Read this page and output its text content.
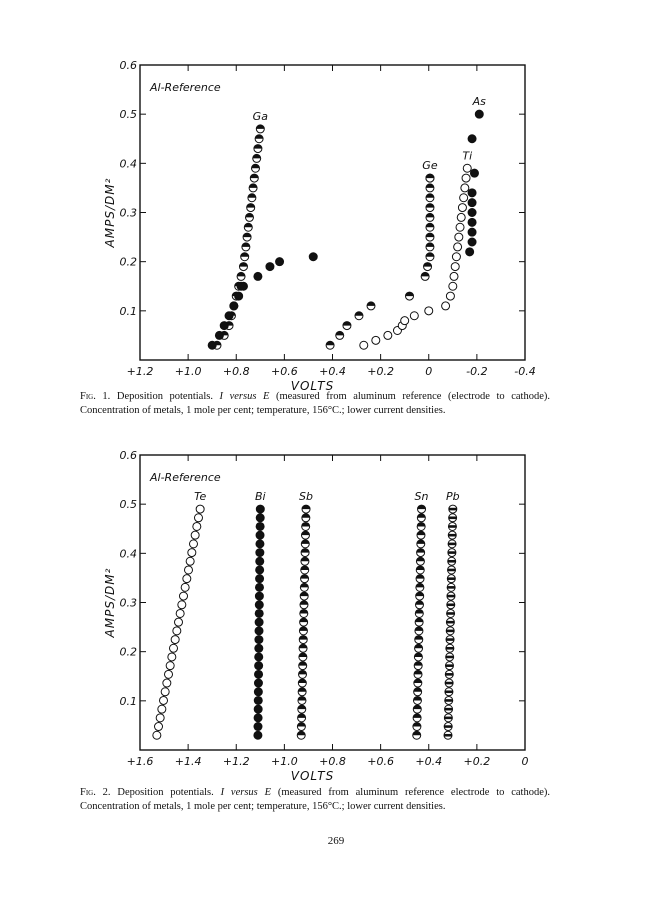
+1.2 +1.0 +0.8 +0.6 +0.4 +0.2	0	-0.2 -0.4
0.1
0.2
0.3
0.4
0.5
0.6
VOLTS
AMPS/DM²
Al-Reference
Ga
Ge
Ti
As
Fig. 1. Deposition potentials. I versus E (measured from aluminum reference (electrode to cathode). Concentration of metals, 1 mole per cent; temperature, 156°C.; lower current densities.
+1.6 +1.4 +1.2 +1.0 +0.8 +0.6 +0.4 +0.2	0
0.1
0.2
0.3
0.4
0.5
0.6
VOLTS
AMPS/DM²
Al-Reference
Te	Bi	Sb	Sn Pb
Fig. 2. Deposition potentials. I versus E (measured from aluminum reference electrode to cathode). Concentration of metals, 1 mole per cent; temperature, 156°C.; lower current densities.
269
